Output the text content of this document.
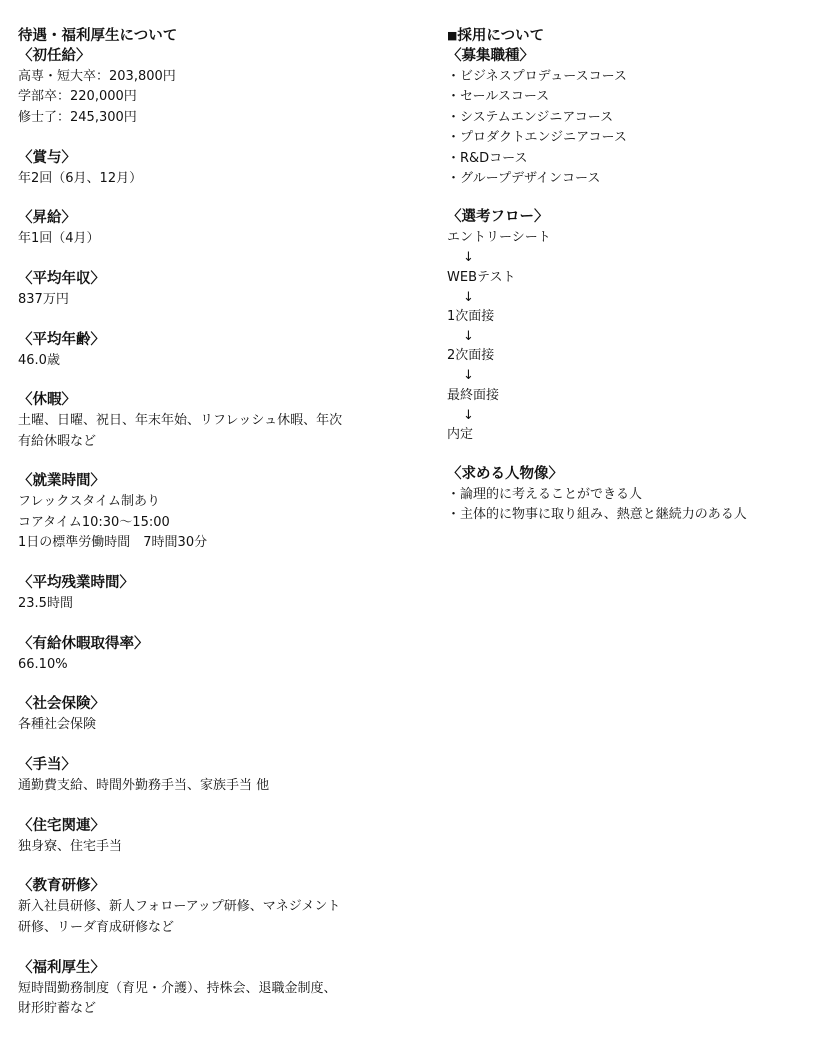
待遇・福利厚生について
〈初任給〉
高専・短大卒：203,800円
学部卒：220,000円
修士了：245,300円
〈賞与〉
年2回（6月、12月）
〈昇給〉
年1回（4月）
〈平均年収〉
837万円
〈平均年齢〉
46.0歳
〈休暇〉
土曜、日曜、祝日、年末年始、リフレッシュ休暇、年次
有給休暇など
〈就業時間〉
フレックスタイム制あり
コアタイム10:30〜15:00
1日の標準労働時間　7時間30分
〈平均残業時間〉
23.5時間
〈有給休暇取得率〉
66.10%
〈社会保険〉
各種社会保険
〈手当〉
通勤費支給、時間外勤務手当、家族手当 他
〈住宅関連〉
独身寮、住宅手当
〈教育研修〉
新入社員研修、新人フォローアップ研修、マネジメント
研修、リーダ育成研修など
〈福利厚生〉
短時間勤務制度（育児・介護）、持株会、退職金制度、
財形貯蓄など
■採用について
〈募集職種〉
・ビジネスプロデュースコース
・セールスコース
・システムエンジニアコース
・プロダクトエンジニアコース
・R&Dコース
・グループデザインコース
〈選考フロー〉
エントリーシート
↓
WEBテスト
↓
1次面接
↓
2次面接
↓
最終面接
↓
内定
〈求める人物像〉
・論理的に考えることができる人
・主体的に物事に取り組み、熱意と継続力のある人
